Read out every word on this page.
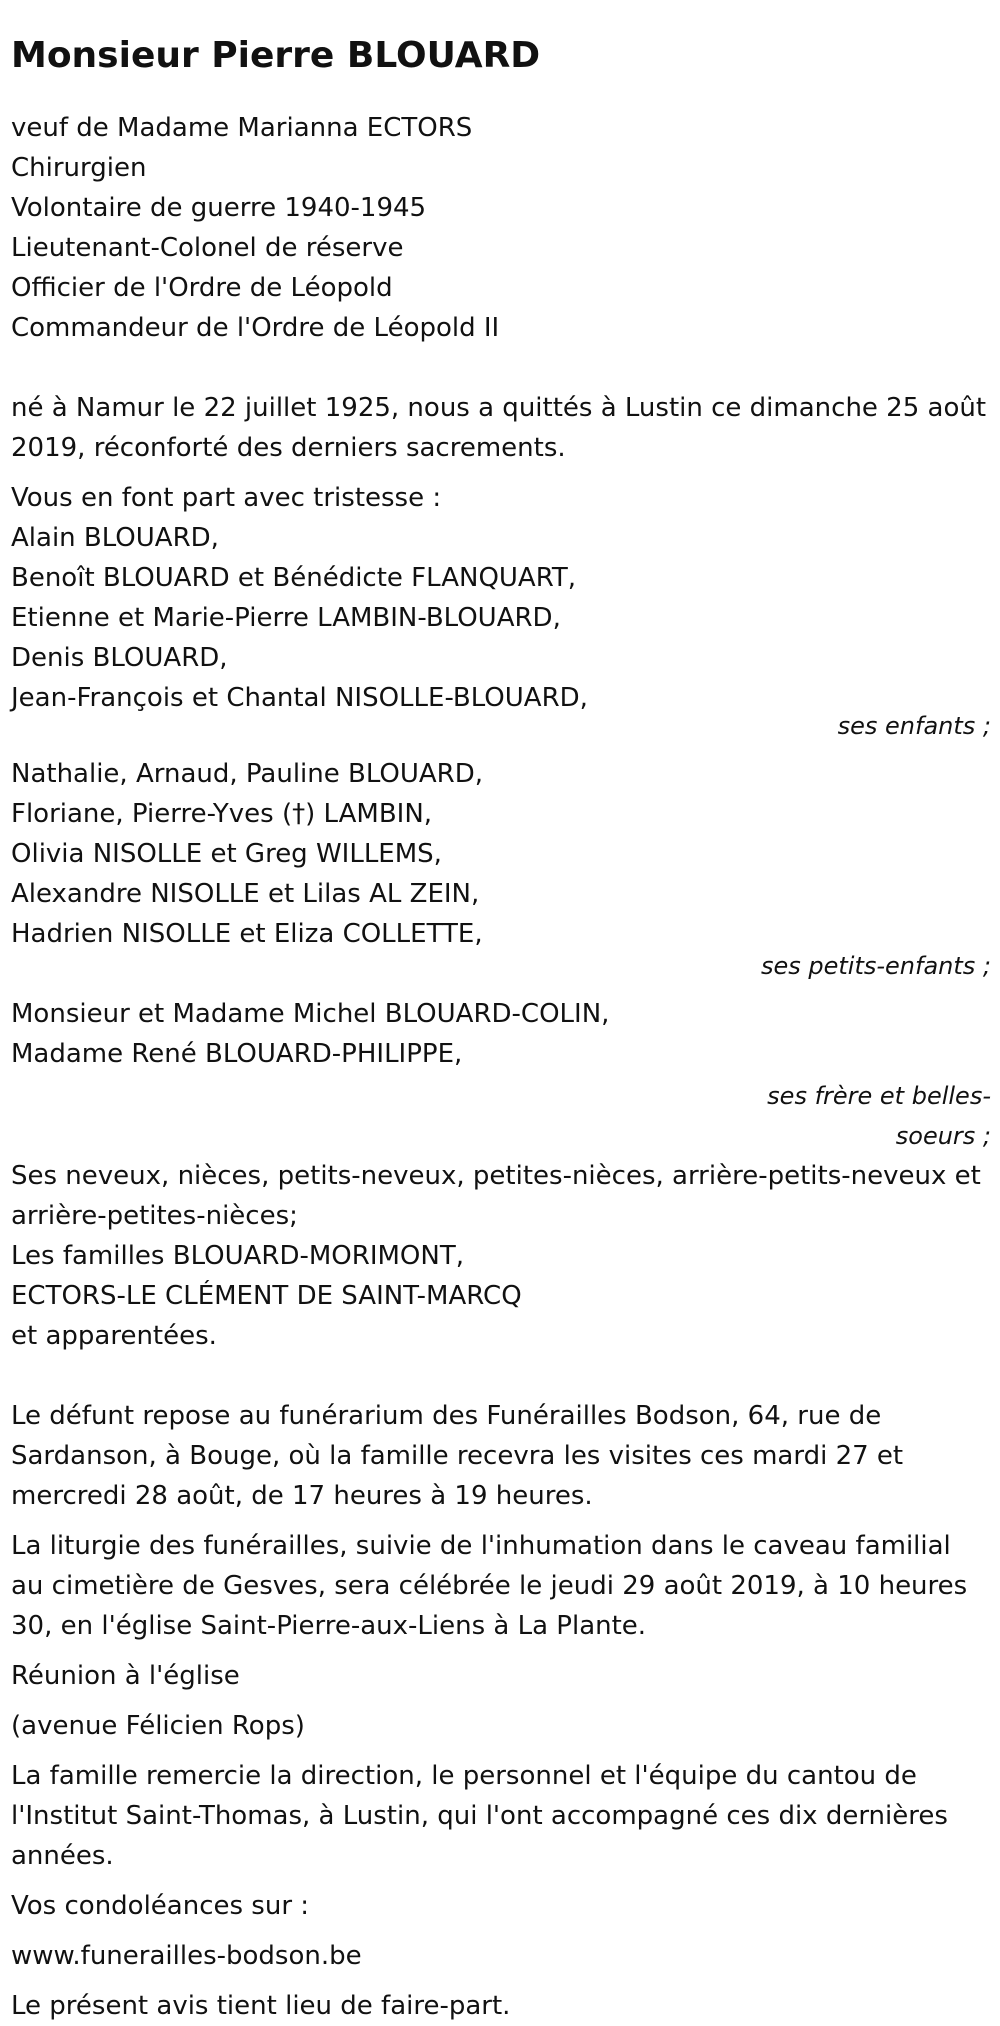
Monsieur Pierre BLOUARD
veuf de Madame Marianna ECTORS
Chirurgien
Volontaire de guerre 1940-1945
Lieutenant-Colonel de réserve
Officier de l'Ordre de Léopold
Commandeur de l'Ordre de Léopold II

né à Namur le 22 juillet 1925, nous a quittés à Lustin ce dimanche 25 août 2019, réconforté des derniers sacrements.

Vous en font part avec tristesse :

Alain BLOUARD,
Benoît BLOUARD et Bénédicte FLANQUART,
Etienne et Marie-Pierre LAMBIN-BLOUARD,
Denis BLOUARD,
Jean-François et Chantal NISOLLE-BLOUARD,
ses enfants ;
Nathalie, Arnaud, Pauline BLOUARD,
Floriane, Pierre-Yves (†) LAMBIN,
Olivia NISOLLE et Greg WILLEMS,
Alexandre NISOLLE et Lilas AL ZEIN,
Hadrien NISOLLE et Eliza COLLETTE,
ses petits-enfants ;
Monsieur et Madame Michel BLOUARD-COLIN,
Madame René BLOUARD-PHILIPPE,
ses frère et belles-soeurs ;

Ses neveux, nièces, petits-neveux, petites-nièces, arrière-petits-neveux et arrière-petites-nièces;

Les familles BLOUARD-MORIMONT,
ECTORS-LE CLÉMENT DE SAINT-MARCQ
et apparentées.

Le défunt repose au funérarium des Funérailles Bodson, 64, rue de Sardanson, à Bouge, où la famille recevra les visites ces mardi 27 et mercredi 28 août, de 17 heures à 19 heures.

La liturgie des funérailles, suivie de l'inhumation dans le caveau familial au cimetière de Gesves, sera célébrée le jeudi 29 août 2019, à 10 heures 30, en l'église Saint-Pierre-aux-Liens à La Plante.

Réunion à l'église

(avenue Félicien Rops)

La famille remercie la direction, le personnel et l'équipe du cantou de l'Institut Saint-Thomas, à Lustin, qui l'ont accompagné ces dix dernières années.

Vos condoléances sur :

www.funerailles-bodson.be

Le présent avis tient lieu de faire-part.
